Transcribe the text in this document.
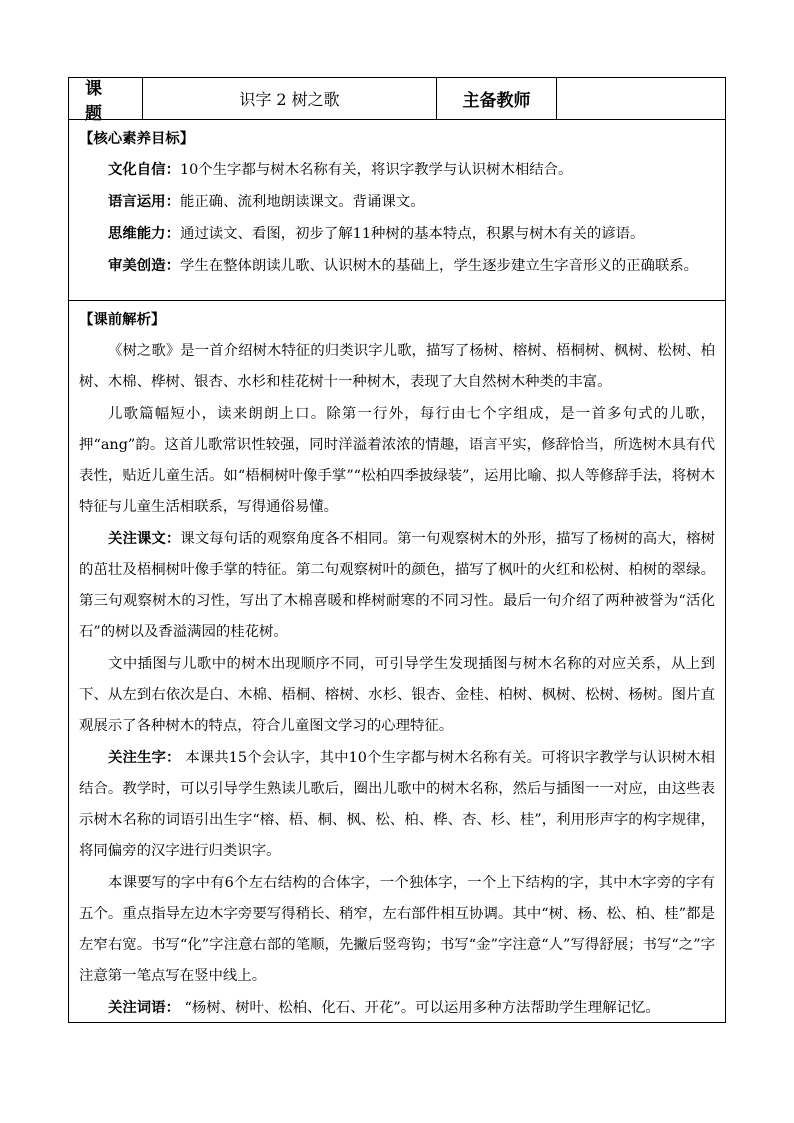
课 题
识字 2 树之歌	主备教师

【核心素养目标】

文化自信：10个生字都与树木名称有关，将识字教学与认识树木相结合。

语言运用：能正确、流利地朗读课文。背诵课文。

思维能力：通过读文、看图，初步了解11种树的基本特点，积累与树木有关的谚语。

审美创造：学生在整体朗读儿歌、认识树木的基础上，学生逐步建立生字音形义的正确联系。

【课前解析】

《树之歌》是一首介绍树木特征的归类识字儿歌，描写了杨树、榕树、梧桐树、枫树、松树、柏树、木棉、桦树、银杏、水杉和桂花树十一种树木，表现了大自然树木种类的丰富。

儿歌篇幅短小，读来朗朗上口。除第一行外，每行由七个字组成，是一首多句式的儿歌，押“ang”韵。这首儿歌常识性较强，同时洋溢着浓浓的情趣，语言平实，修辞恰当，所选树木具有代表性，贴近儿童生活。如“梧桐树叶像手掌”“松柏四季披绿装”，运用比喻、拟人等修辞手法，将树木特征与儿童生活相联系，写得通俗易懂。

关注课文：课文每句话的观察角度各不相同。第一句观察树木的外形，描写了杨树的高大，榕树的茁壮及梧桐树叶像手掌的特征。第二句观察树叶的颜色，描写了枫叶的火红和松树、柏树的翠绿。第三句观察树木的习性，写出了木棉喜暖和桦树耐寒的不同习性。最后一句介绍了两种被誉为“活化石”的树以及香溢满园的桂花树。

文中插图与儿歌中的树木出现顺序不同，可引导学生发现插图与树木名称的对应关系，从上到下、从左到右依次是白、木棉、梧桐、榕树、水杉、银杏、金桂、柏树、枫树、松树、杨树。图片直观展示了各种树木的特点，符合儿童图文学习的心理特征。

关注生字： 本课共15个会认字，其中10个生字都与树木名称有关。可将识字教学与认识树木相结合。教学时，可以引导学生熟读儿歌后，圈出儿歌中的树木名称，然后与插图一一对应，由这些表示树木名称的词语引出生字“榕、梧、桐、枫、松、柏、桦、杏、杉、桂”，利用形声字的构字规律，将同偏旁的汉字进行归类识字。

本课要写的字中有6个左右结构的合体字，一个独体字，一个上下结构的字，其中木字旁的字有五个。重点指导左边木字旁要写得稍长、稍窄，左右部件相互协调。其中“树、杨、松、柏、桂”都是左窄右宽。书写“化”字注意右部的笔顺，先撇后竖弯钩；书写“金”字注意“人”写得舒展；书写“之”字注意第一笔点写在竖中线上。

关注词语： “杨树、树叶、松柏、化石、开花”。可以运用多种方法帮助学生理解记忆。
